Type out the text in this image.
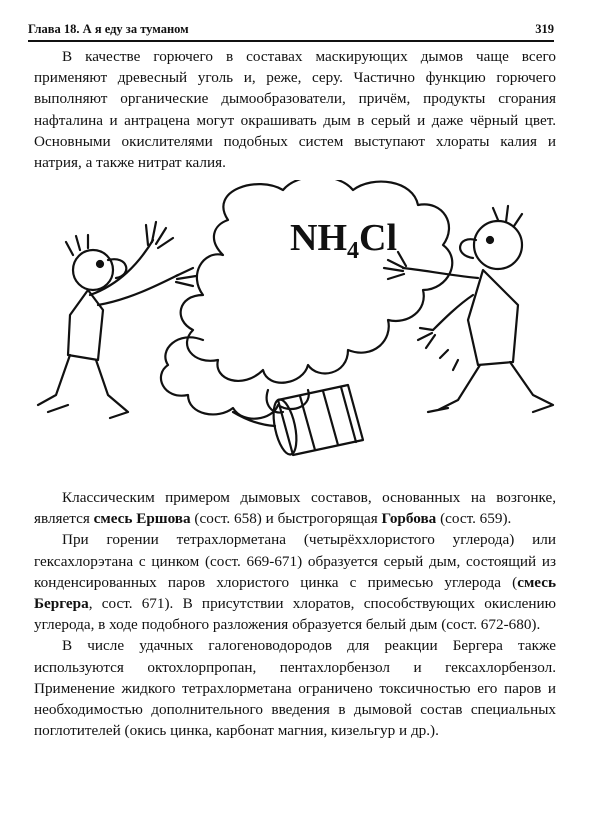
Глава 18. А я еду за туманом	319

В качестве горючего в составах маскирующих дымов чаще всего применяют древесный уголь и, реже, серу. Частично функцию горючего выполняют органические дымообразователи, причём, продукты сгорания нафталина и антрацена могут окрашивать дым в серый и даже чёрный цвет. Основными окислителями подобных систем выступают хлораты калия и натрия, а также нитрат калия.

$NH_4Cl$

Классическим примером дымовых составов, основанных на возгонке, является смесь Ершова (сост. 658) и быстрогорящая Горбова (сост. 659).

При горении тетрахлорметана (четырёххлористого углерода) или гексахлорэтана с цинком (сост. 669-671) образуется серый дым, состоящий из конденсированных паров хлористого цинка с примесью углерода (смесь Бергера, сост. 671). В присутствии хлоратов, способствующих окислению углерода, в ходе подобного разложения образуется белый дым (сост. 672-680).

В числе удачных галогеноводородов для реакции Бергера также используются октохлорпропан, пентахлорбензол и гексахлорбензол. Применение жидкого тетрахлорметана ограничено токсичностью его паров и необходимостью дополнительного введения в дымовой состав специальных поглотителей (окись цинка, карбонат магния, кизельгур и др.).
